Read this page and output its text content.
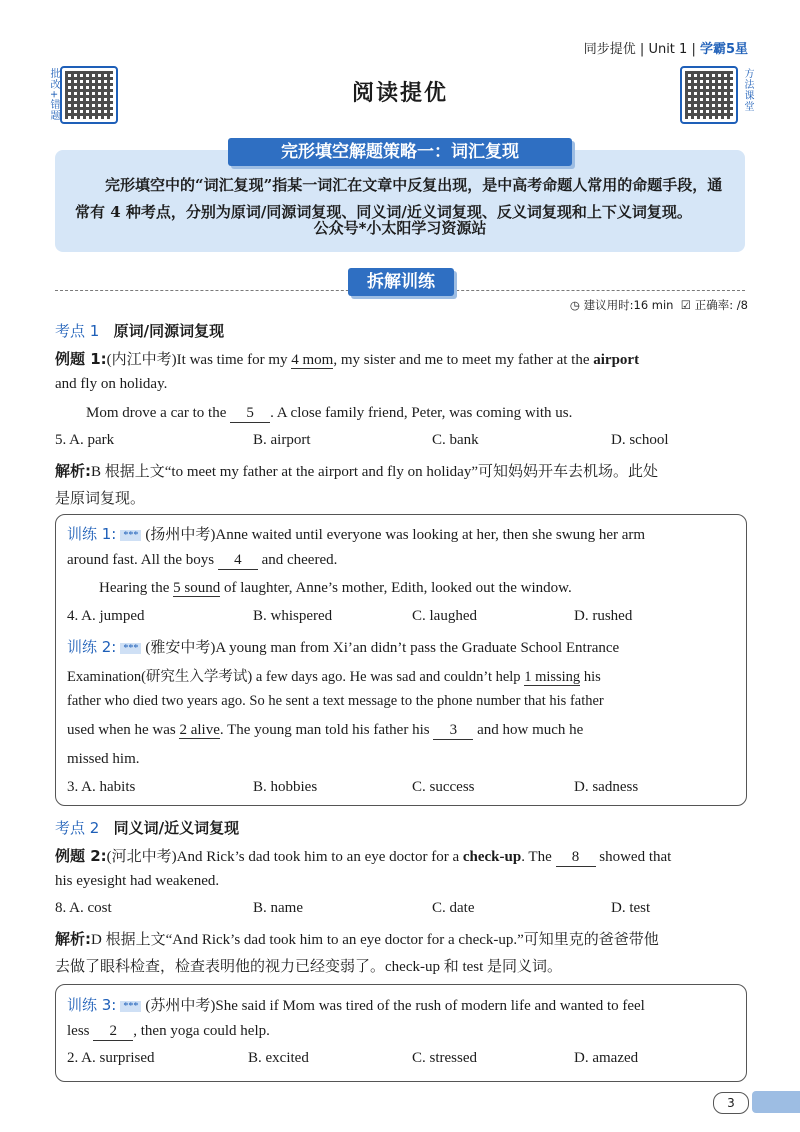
同步提优 | Unit 1 | 学霸5星
批改+错题	方法课堂
阅读提优
完形填空解题策略一：词汇复现
完形填空中的“词汇复现”指某一词汇在文章中反复出现，是中高考命题人常用的命题手段，通常有 4 种考点，分别为原词/同源词复现、同义词/近义词复现、反义词复现和上下义词复现。
公众号*小太阳学习资源站
拆解训练
◷ 建议用时:16 min ☑ 正确率: /8
考点 1 原词/同源词复现
例题 1:(内江中考)It was time for my 4 mom, my sister and me to meet my father at the airport
and fly on holiday.
Mom drove a car to the 5 . A close family friend, Peter, was coming with us.
5. A. park	B. airport	C. bank	D. school
解析:B 根据上文“to meet my father at the airport and fly on holiday”可知妈妈开车去机场。此处
是原词复现。
训练 1: *** (扬州中考)Anne waited until everyone was looking at her, then she swung her arm
around fast. All the boys 4 and cheered.
Hearing the 5 sound of laughter, Anne’s mother, Edith, looked out the window.
4. A. jumped	B. whispered	C. laughed	D. rushed
训练 2: *** (雅安中考)A young man from Xi’an didn’t pass the Graduate School Entrance
Examination(研究生入学考试) a few days ago. He was sad and couldn’t help 1 missing his
father who died two years ago. So he sent a text message to the phone number that his father
used when he was 2 alive. The young man told his father his 3 and how much he
missed him.
3. A. habits	B. hobbies	C. success	D. sadness
考点 2 同义词/近义词复现
例题 2:(河北中考)And Rick’s dad took him to an eye doctor for a check-up. The 8 showed that
his eyesight had weakened.
8. A. cost	B. name	C. date	D. test
解析:D 根据上文“And Rick’s dad took him to an eye doctor for a check-up.”可知里克的爸爸带他
去做了眼科检查，检查表明他的视力已经变弱了。check-up 和 test 是同义词。
训练 3: *** (苏州中考)She said if Mom was tired of the rush of modern life and wanted to feel
less 2 , then yoga could help.
2. A. surprised	B. excited	C. stressed	D. amazed
3
